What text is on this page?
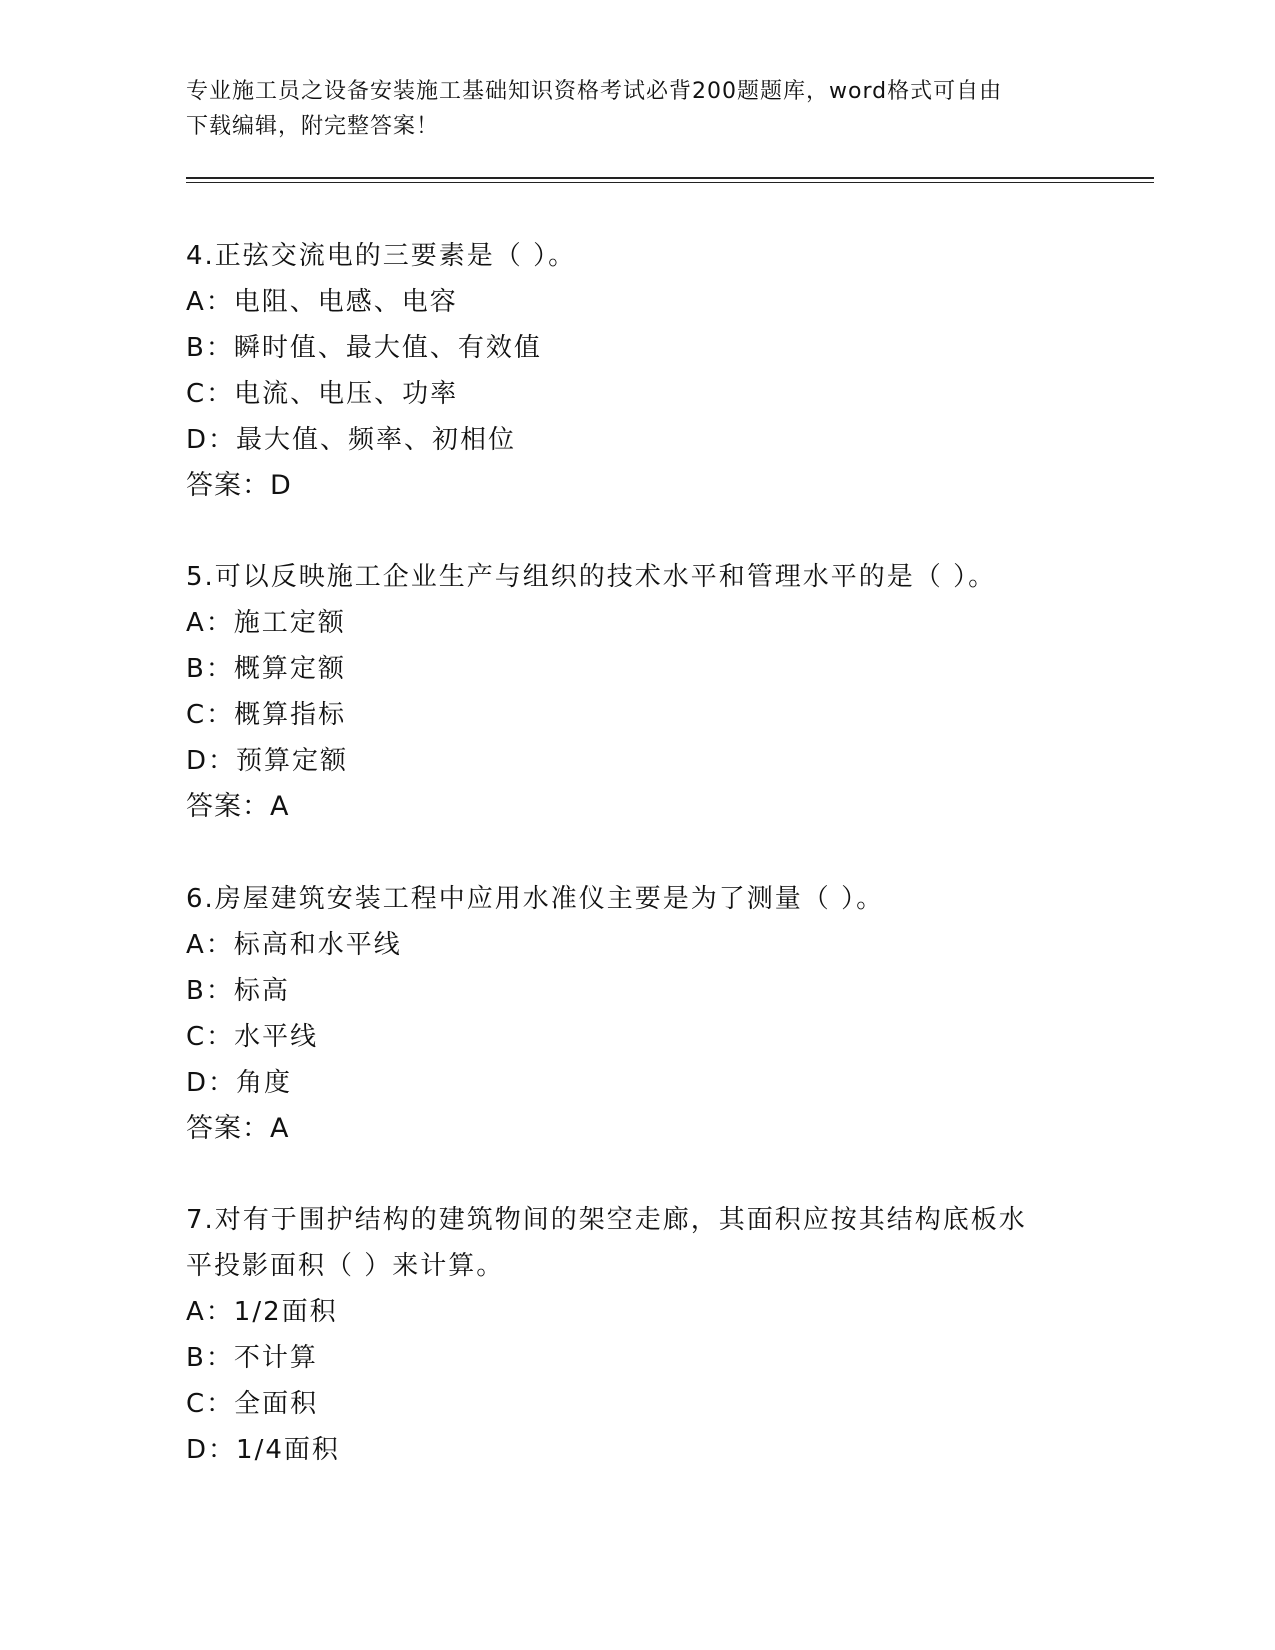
专业施工员之设备安装施工基础知识资格考试必背200题题库，word格式可自由
下载编辑，附完整答案！
4.正弦交流电的三要素是（ ）。
A：电阻、电感、电容
B：瞬时值、最大值、有效值
C：电流、电压、功率
D：最大值、频率、初相位
答案：D
5.可以反映施工企业生产与组织的技术水平和管理水平的是（ ）。
A：施工定额
B：概算定额
C：概算指标
D：预算定额
答案：A
6.房屋建筑安装工程中应用水准仪主要是为了测量（ ）。
A：标高和水平线
B：标高
C：水平线
D：角度
答案：A
7.对有于围护结构的建筑物间的架空走廊，其面积应按其结构底板水
平投影面积（ ）来计算。
A：1/2面积
B：不计算
C：全面积
D：1/4面积
